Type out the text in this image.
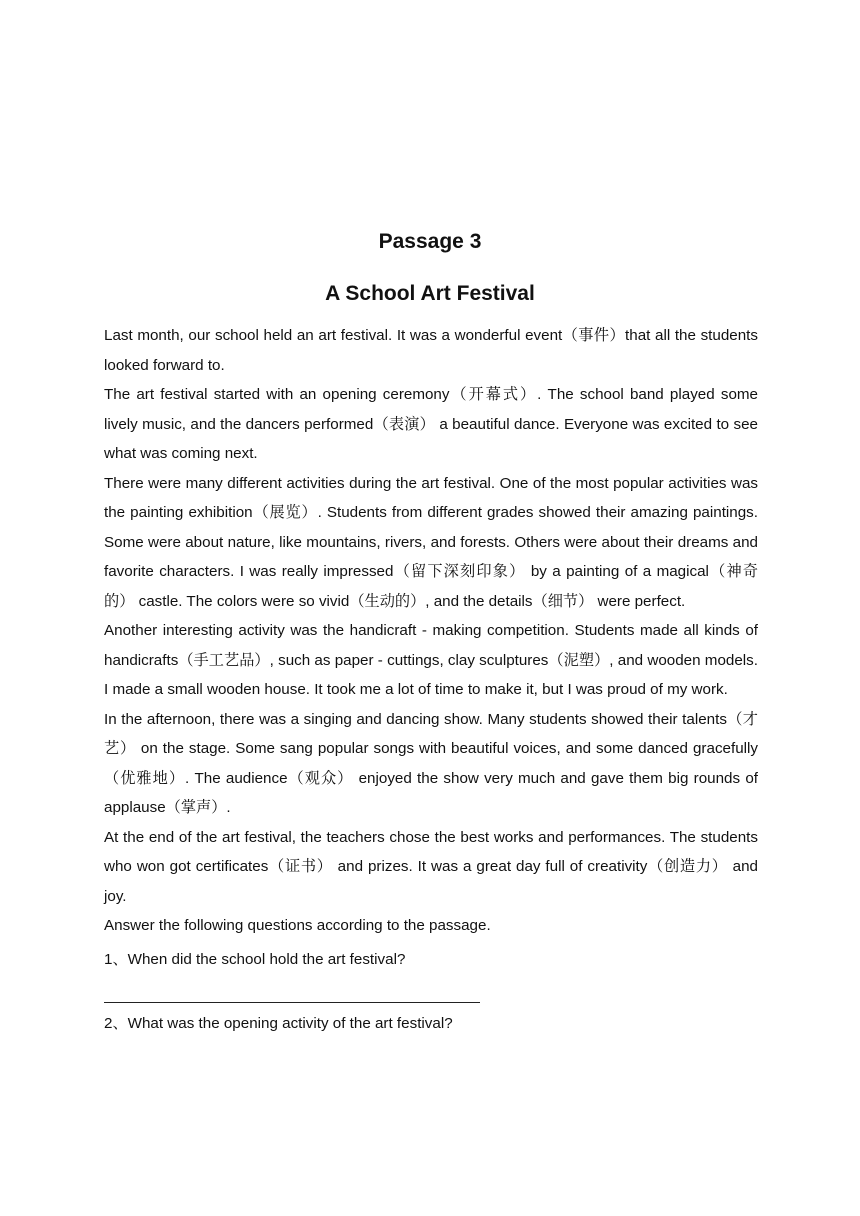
Passage 3
A School Art Festival

Last month, our school held an art festival. It was a wonderful event（事件）that all the students looked forward to.

The art festival started with an opening ceremony（开幕式）. The school band played some lively music, and the dancers performed（表演） a beautiful dance. Everyone was excited to see what was coming next.

There were many different activities during the art festival. One of the most popular activities was the painting exhibition（展览）. Students from different grades showed their amazing paintings. Some were about nature, like mountains, rivers, and forests. Others were about their dreams and favorite characters. I was really impressed（留下深刻印象） by a painting of a magical（神奇的） castle. The colors were so vivid（生动的）, and the details（细节） were perfect.

Another interesting activity was the handicraft - making competition. Students made all kinds of handicrafts（手工艺品）, such as paper - cuttings, clay sculptures（泥塑）, and wooden models. I made a small wooden house. It took me a lot of time to make it, but I was proud of my work.

In the afternoon, there was a singing and dancing show. Many students showed their talents（才艺） on the stage. Some sang popular songs with beautiful voices, and some danced gracefully（优雅地）. The audience（观众） enjoyed the show very much and gave them big rounds of applause（掌声）.

At the end of the art festival, the teachers chose the best works and performances. The students who won got certificates（证书） and prizes. It was a great day full of creativity（创造力） and joy.

Answer the following questions according to the passage.

1、When did the school hold the art festival?

2、What was the opening activity of the art festival?
